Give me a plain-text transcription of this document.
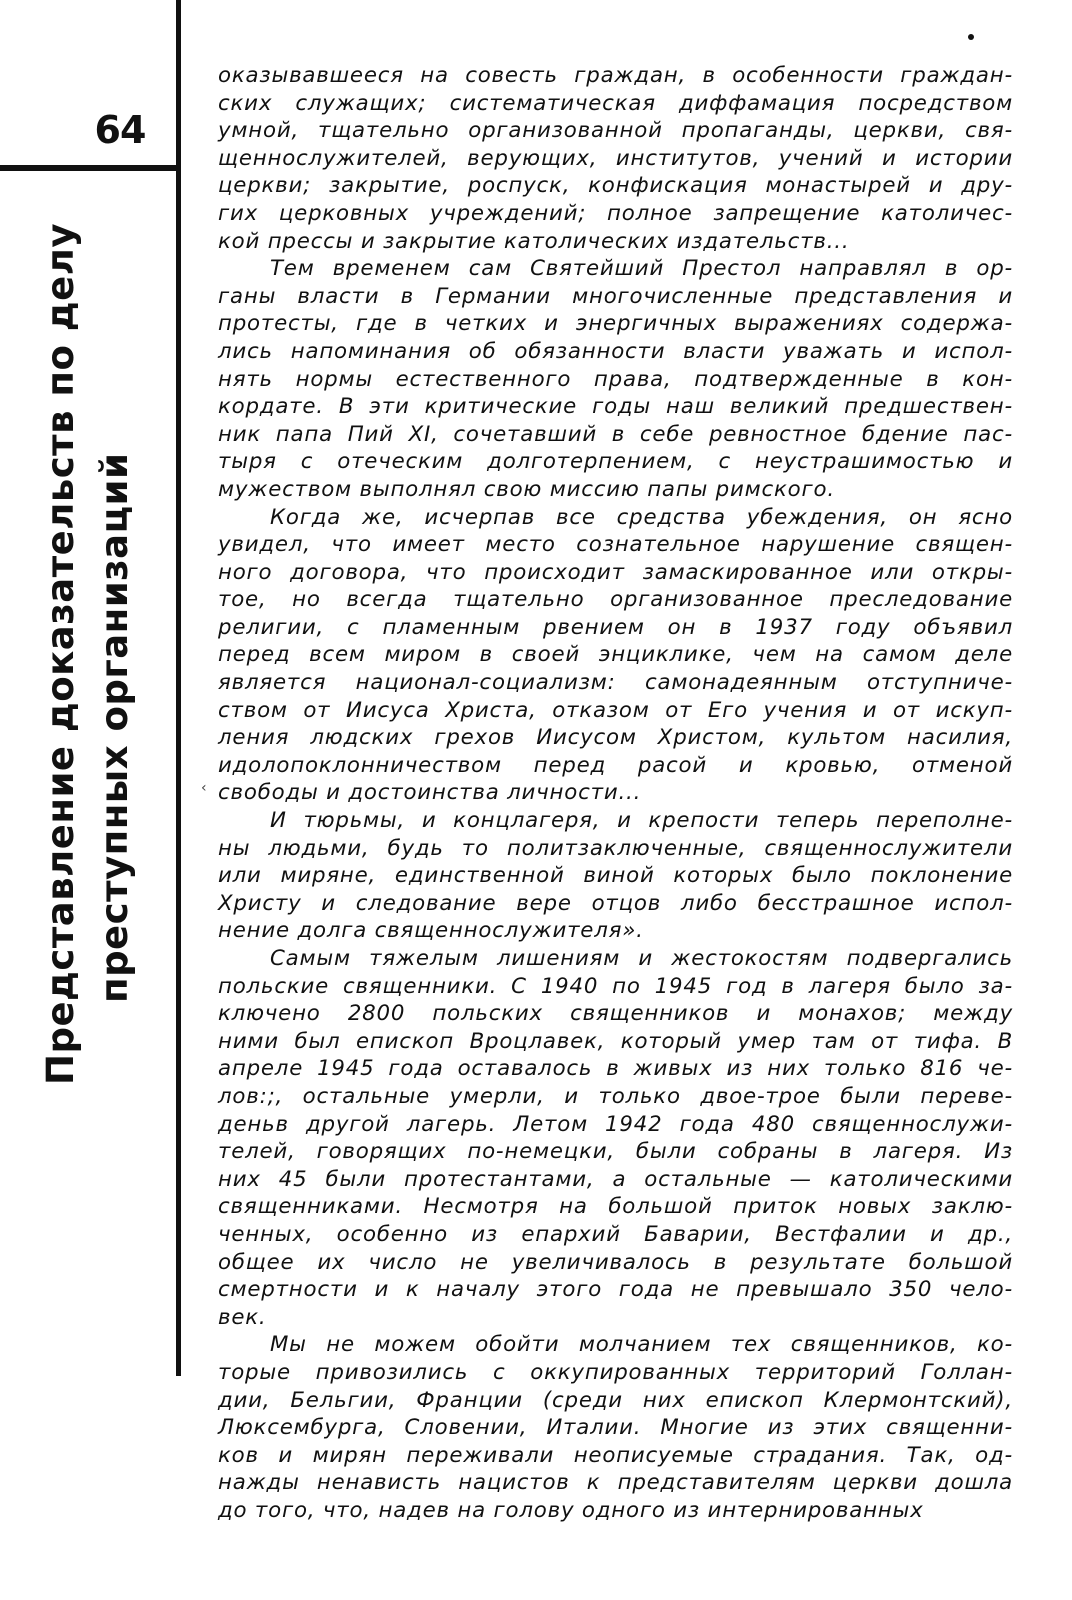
64
Представление доказательств по делу преступных организаций	‹

оказывавшееся на совесть граждан, в особенности граждан-

ских служащих; систематическая диффамация посредством

умной, тщательно организованной пропаганды, церкви, свя-

щеннослужителей, верующих, институтов, учений и истории

церкви; закрытие, роспуск, конфискация монастырей и дру-

гих церковных учреждений; полное запрещение католичес-

кой прессы и закрытие католических издательств...

Тем временем сам Святейший Престол направлял в ор-

ганы власти в Германии многочисленные представления и

протесты, где в четких и энергичных выражениях содержа-

лись напоминания об обязанности власти уважать и испол-

нять нормы естественного права, подтвержденные в кон-

кордате. В эти критические годы наш великий предшествен-

ник папа Пий XI, сочетавший в себе ревностное бдение пас-

тыря с отеческим долготерпением, с неустрашимостью и

мужеством выполнял свою миссию папы римского.

Когда же, исчерпав все средства убеждения, он ясно

увидел, что имеет место сознательное нарушение священ-

ного договора, что происходит замаскированное или откры-

тое, но всегда тщательно организованное преследование

религии, с пламенным рвением он в 1937 году объявил

перед всем миром в своей энциклике, чем на самом деле

является национал-социализм: самонадеянным отступниче-

ством от Иисуса Христа, отказом от Его учения и от искуп-

ления людских грехов Иисусом Христом, культом насилия,

идолопоклонничеством перед расой и кровью, отменой

свободы и достоинства личности...

И тюрьмы, и концлагеря, и крепости теперь переполне-

ны людьми, будь то политзаключенные, священнослужители

или миряне, единственной виной которых было поклонение

Христу и следование вере отцов либо бесстрашное испол-

нение долга священнослужителя».

Самым тяжелым лишениям и жестокостям подвергались

польские священники. С 1940 по 1945 год в лагеря было за-

ключено 2800 польских священников и монахов; между

ними был епископ Вроцлавек, который умер там от тифа. В

апреле 1945 года оставалось в живых из них только 816 че-

лов:;, остальные умерли, и только двое-трое были переве-

деньв другой лагерь. Летом 1942 года 480 священнослужи-

телей, говорящих по-немецки, были собраны в лагеря. Из

них 45 были протестантами, а остальные — католическими

священниками. Несмотря на большой приток новых заклю-

ченных, особенно из епархий Баварии, Вестфалии и др.,

общее их число не увеличивалось в результате большой

смертности и к началу этого года не превышало 350 чело-

век.

Мы не можем обойти молчанием тех священников, ко-

торые привозились с оккупированных территорий Голлан-

дии, Бельгии, Франции (среди них епископ Клермонтский),

Люксембурга, Словении, Италии. Многие из этих священни-

ков и мирян переживали неописуемые страдания. Так, од-

нажды ненависть нацистов к представителям церкви дошла

до того, что, надев на голову одного из интернированных
